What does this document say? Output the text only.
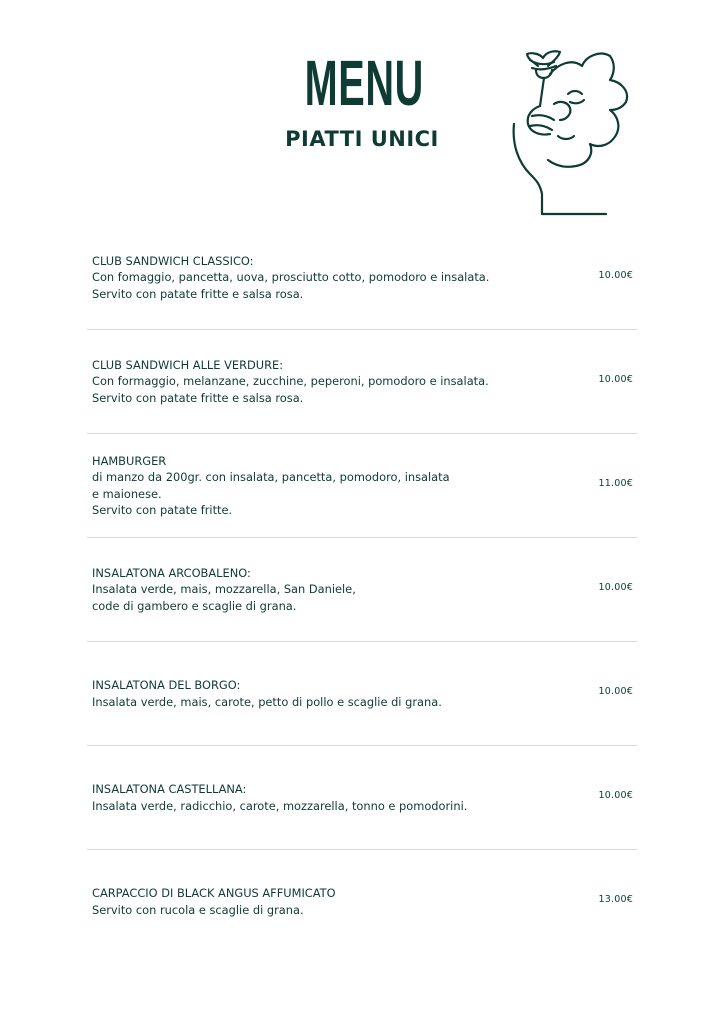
MENU
PIATTI UNICI
CLUB SANDWICH CLASSICO:
Con fomaggio, pancetta, uova, prosciutto cotto, pomodoro e insalata.
Servito con patate fritte e salsa rosa.
10.00€
CLUB SANDWICH ALLE VERDURE:
Con formaggio, melanzane, zucchine, peperoni, pomodoro e insalata.
Servito con patate fritte e salsa rosa.
10.00€
HAMBURGER
di manzo da 200gr. con insalata, pancetta, pomodoro, insalata
e maionese.
Servito con patate fritte.
11.00€
INSALATONA ARCOBALENO:
Insalata verde, mais, mozzarella, San Daniele,
code di gambero e scaglie di grana.
10.00€
INSALATONA DEL BORGO:
Insalata verde, mais, carote, petto di pollo e scaglie di grana.
10.00€
INSALATONA CASTELLANA:
Insalata verde, radicchio, carote, mozzarella, tonno e pomodorini.
10.00€
CARPACCIO DI BLACK ANGUS AFFUMICATO
Servito con rucola e scaglie di grana.
13.00€
